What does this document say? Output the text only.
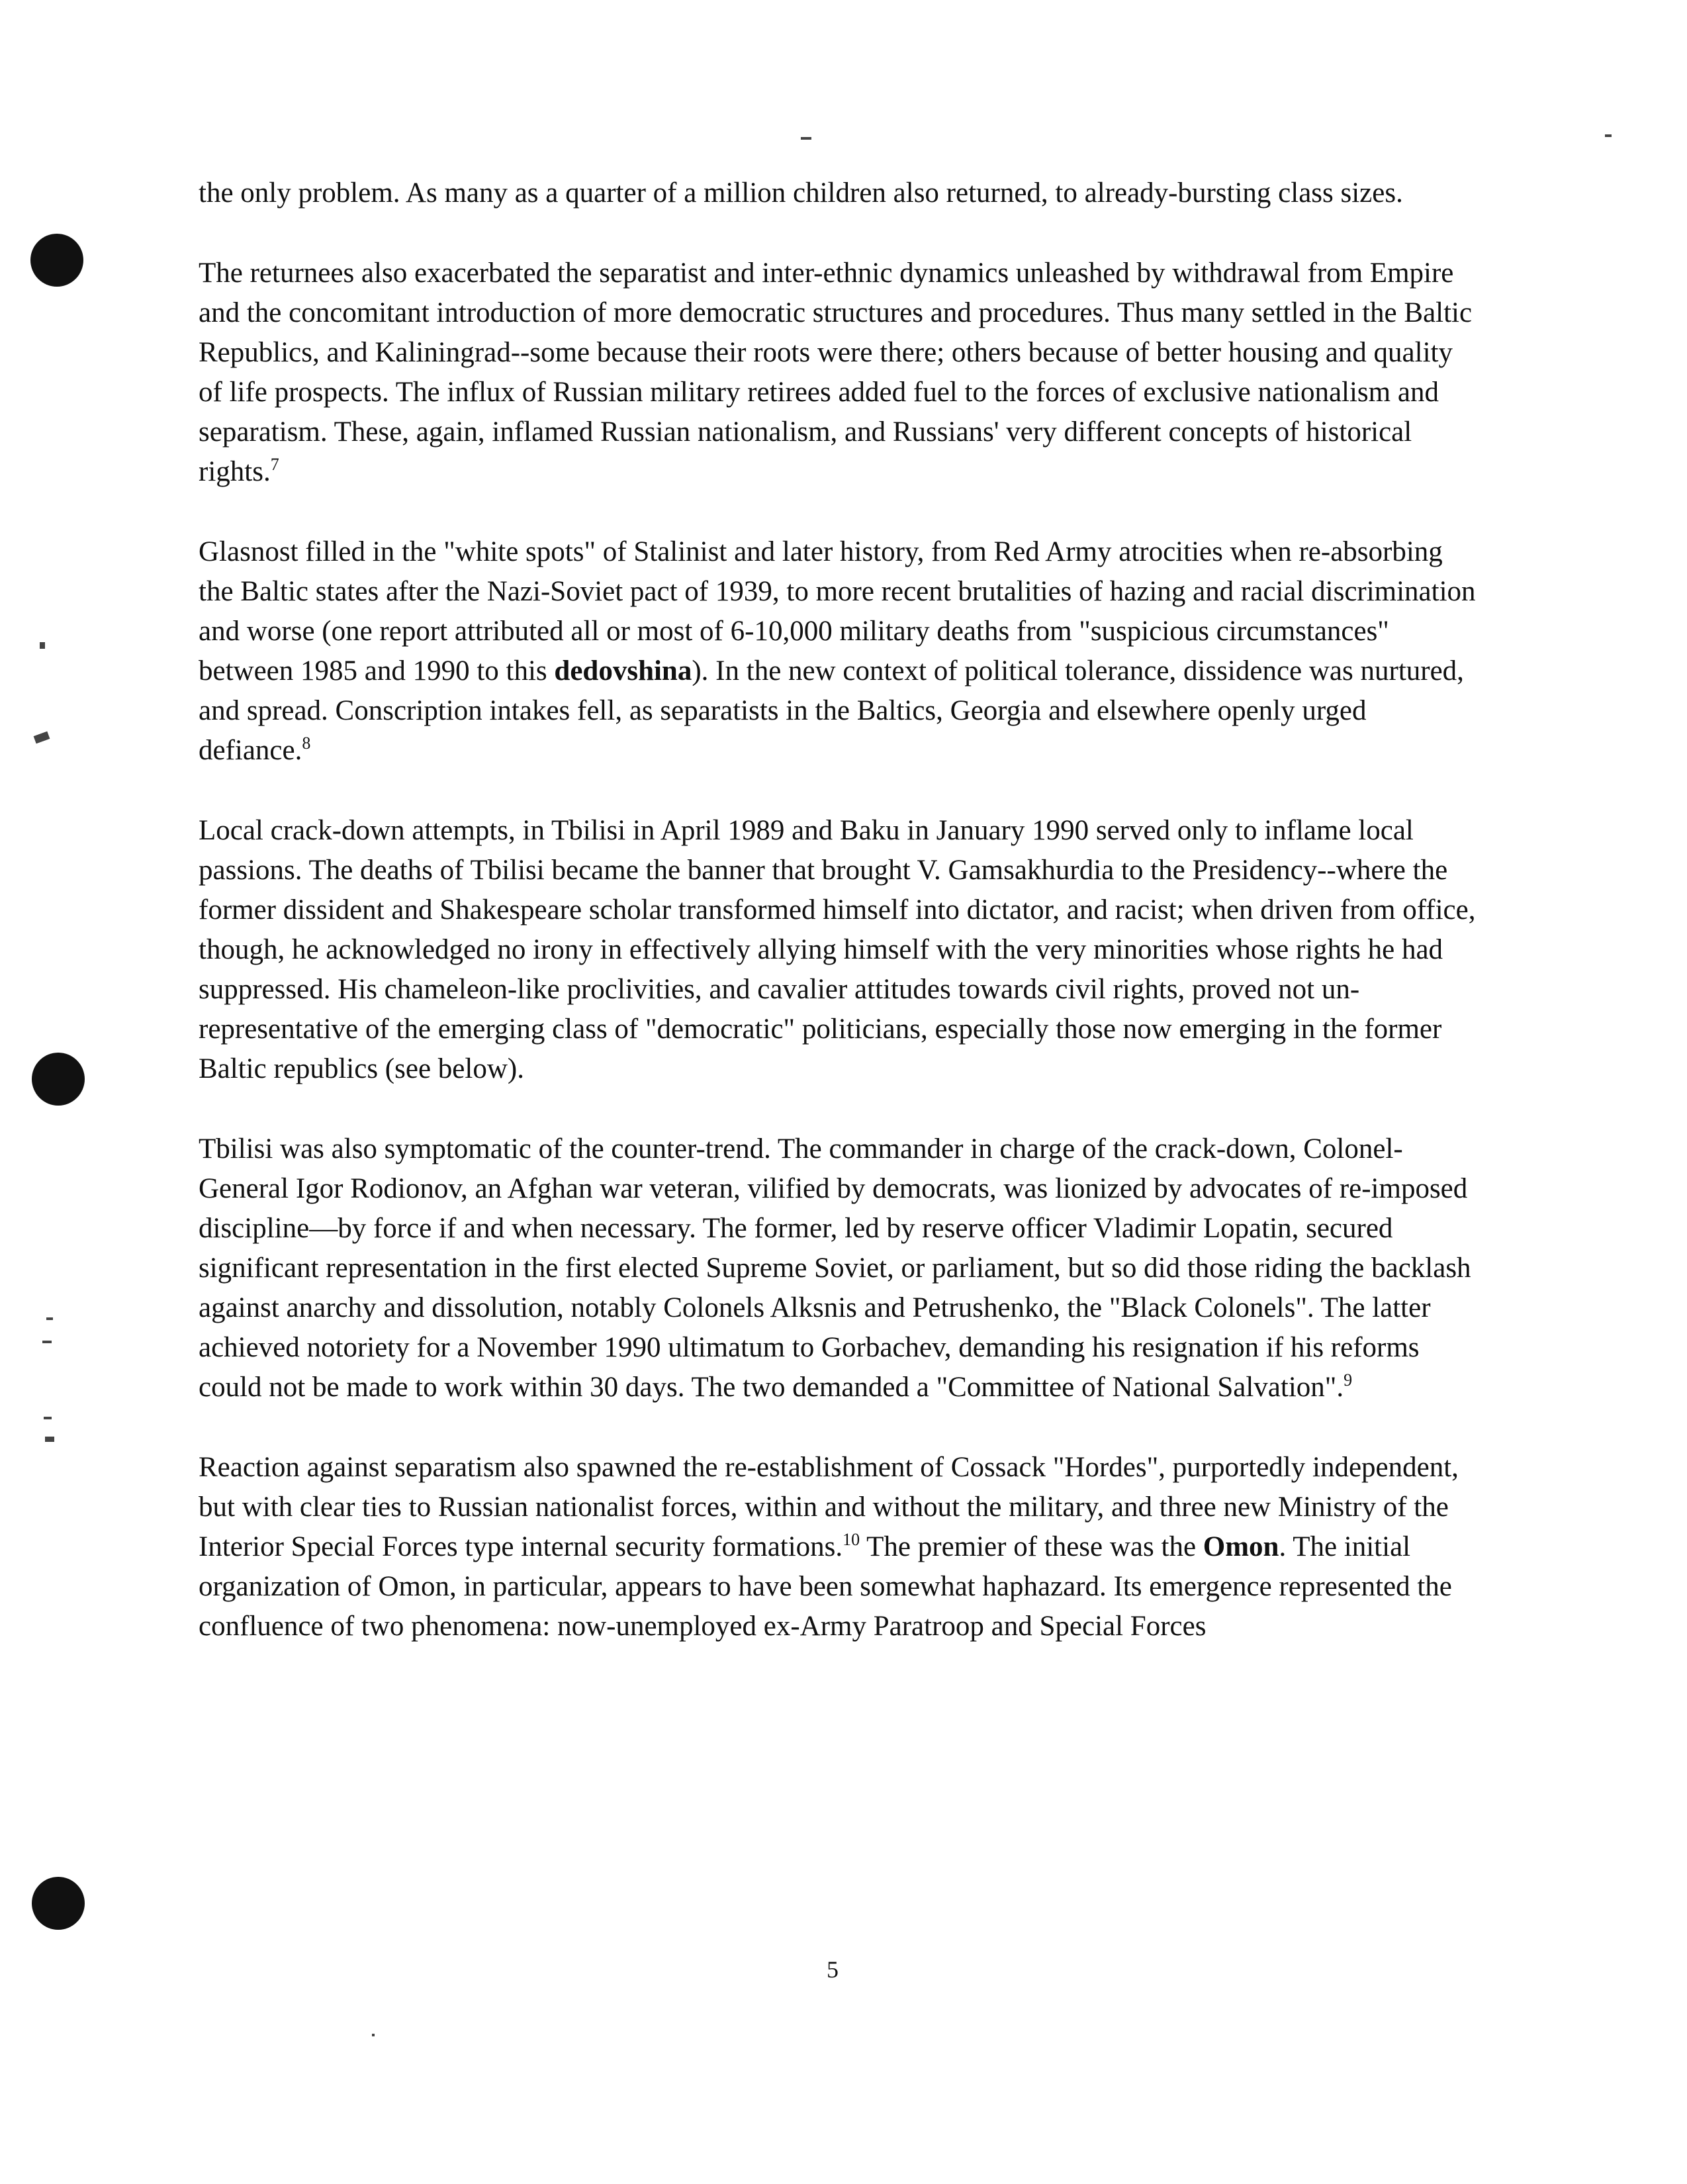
the only problem. As many as a quarter of a million children also returned, to already-bursting class sizes.

The returnees also exacerbated the separatist and inter-ethnic dynamics unleashed by withdrawal from Empire and the concomitant introduction of more democratic structures and procedures. Thus many settled in the Baltic Republics, and Kaliningrad--some because their roots were there; others because of better housing and quality of life prospects. The influx of Russian military retirees added fuel to the forces of exclusive nationalism and separatism. These, again, inflamed Russian nationalism, and Russians' very different concepts of historical rights.$^7$

Glasnost filled in the "white spots" of Stalinist and later history, from Red Army atrocities when re-absorbing the Baltic states after the Nazi-Soviet pact of 1939, to more recent brutalities of hazing and racial discrimination and worse (one report attributed all or most of 6-10,000 military deaths from "suspicious circumstances" between 1985 and 1990 to this dedovshina). In the new context of political tolerance, dissidence was nurtured, and spread. Conscription intakes fell, as separatists in the Baltics, Georgia and elsewhere openly urged defiance.$^8$

Local crack-down attempts, in Tbilisi in April 1989 and Baku in January 1990 served only to inflame local passions. The deaths of Tbilisi became the banner that brought V. Gamsakhurdia to the Presidency--where the former dissident and Shakespeare scholar transformed himself into dictator, and racist; when driven from office, though, he acknowledged no irony in effectively allying himself with the very minorities whose rights he had suppressed. His chameleon-like proclivities, and cavalier attitudes towards civil rights, proved not un-representative of the emerging class of "democratic" politicians, especially those now emerging in the former Baltic republics (see below).

Tbilisi was also symptomatic of the counter-trend. The commander in charge of the crack-down, Colonel-General Igor Rodionov, an Afghan war veteran, vilified by democrats, was lionized by advocates of re-imposed discipline—by force if and when necessary. The former, led by reserve officer Vladimir Lopatin, secured significant representation in the first elected Supreme Soviet, or parliament, but so did those riding the backlash against anarchy and dissolution, notably Colonels Alksnis and Petrushenko, the "Black Colonels". The latter achieved notoriety for a November 1990 ultimatum to Gorbachev, demanding his resignation if his reforms could not be made to work within 30 days. The two demanded a "Committee of National Salvation".$^9$

Reaction against separatism also spawned the re-establishment of Cossack "Hordes", purportedly independent, but with clear ties to Russian nationalist forces, within and without the military, and three new Ministry of the Interior Special Forces type internal security formations.$^{10}$ The premier of these was the Omon. The initial organization of Omon, in particular, appears to have been somewhat haphazard. Its emergence represented the confluence of two phenomena: now-unemployed ex-Army Paratroop and Special Forces

5
